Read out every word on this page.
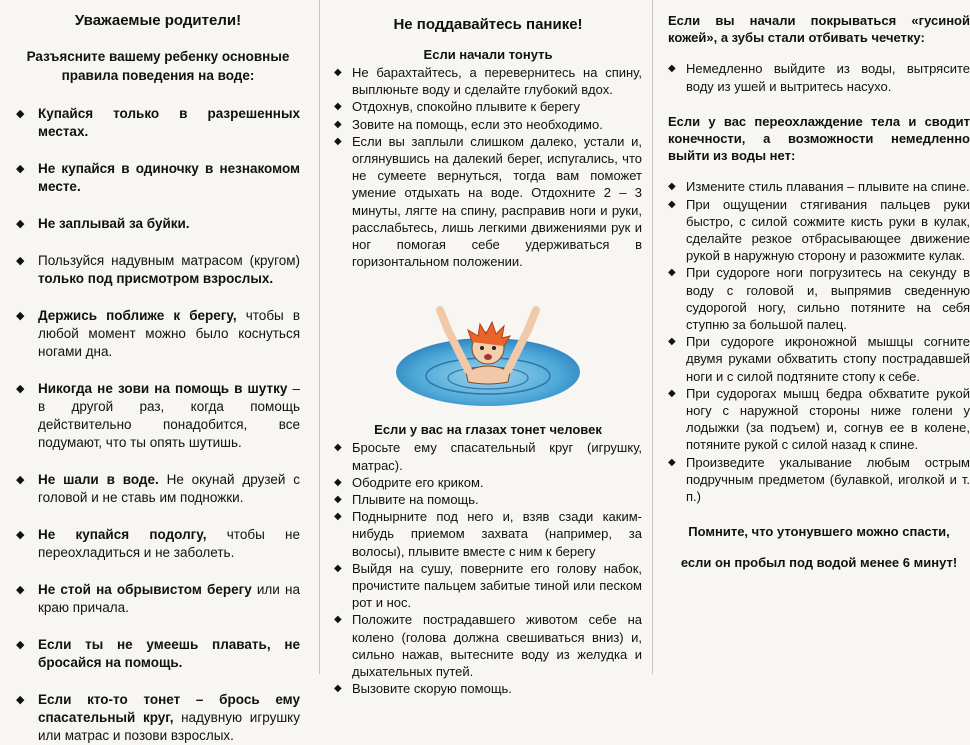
Уважаемые родители!
Разъясните вашему ребенку основные правила поведения на воде:
◆ Купайся только в разрешенных местах.
◆ Не купайся в одиночку в незнакомом месте.
◆ Не заплывай за буйки.
◆ Пользуйся надувным матрасом (кругом) только под присмотром взрослых.
◆ Держись поближе к берегу, чтобы в любой момент можно было коснуться ногами дна.
◆ Никогда не зови на помощь в шутку – в другой раз, когда помощь действительно понадобится, все подумают, что ты опять шутишь.
◆ Не шали в воде. Не окунай друзей с головой и не ставь им подножки.
◆ Не купайся подолгу, чтобы не переохладиться и не заболеть.
◆ Не стой на обрывистом берегу или на краю причала.
◆ Если ты не умеешь плавать, не бросайся на помощь.
◆ Если кто-то тонет – брось ему спасательный круг, надувную игрушку или матрас и позови взрослых.
Не поддавайтесь панике!
Если начали тонуть
◆ Не барахтайтесь, а перевернитесь на спину, выплюньте воду и сделайте глубокий вдох.
◆ Отдохнув, спокойно плывите к берегу
◆ Зовите на помощь, если это необходимо.
◆ Если вы заплыли слишком далеко, устали и, оглянувшись на далекий берег, испугались, что не сумеете вернуться, тогда вам поможет умение отдыхать на воде. Отдохните 2 – 3 минуты, лягте на спину, расправив ноги и руки, расслабьтесь, лишь легкими движениями рук и ног помогая себе удерживаться в горизонтальном положении.
Если у вас на глазах тонет человек
◆ Бросьте ему спасательный круг (игрушку, матрас).
◆ Ободрите его криком.
◆ Плывите на помощь.
◆ Поднырните под него и, взяв сзади каким-нибудь приемом захвата (например, за волосы), плывите вместе с ним к берегу
◆ Выйдя на сушу, поверните его голову набок, прочистите пальцем забитые тиной или песком рот и нос.
◆ Положите пострадавшего животом себе на колено (голова должна свешиваться вниз) и, сильно нажав, вытесните воду из желудка и дыхательных путей.
◆ Вызовите скорую помощь.
Если вы начали покрываться «гусиной кожей», а зубы стали отбивать чечетку:
◆ Немедленно выйдите из воды, вытрясите воду из ушей и вытритесь насухо.
Если у вас переохлаждение тела и сводит конечности, а возможности немедленно выйти из воды нет:
◆ Измените стиль плавания – плывите на спине.
◆ При ощущении стягивания пальцев руки быстро, с силой сожмите кисть руки в кулак, сделайте резкое отбрасывающее движение рукой в наружную сторону и разожмите кулак.
◆ При судороге ноги погрузитесь на секунду в воду с головой и, выпрямив сведенную судорогой ногу, сильно потяните на себя ступню за большой палец.
◆ При судороге икроножной мышцы согните двумя руками обхватить стопу пострадавшей ноги и с силой подтяните стопу к себе.
◆ При судорогах мышц бедра обхватите рукой ногу с наружной стороны ниже голени у лодыжки (за подъем) и, согнув ее в колене, потяните рукой с силой назад к спине.
◆ Произведите укалывание любым острым подручным предметом (булавкой, иголкой и т. п.)
Помните, что утонувшего можно спасти,
если он пробыл под водой менее 6 минут!
